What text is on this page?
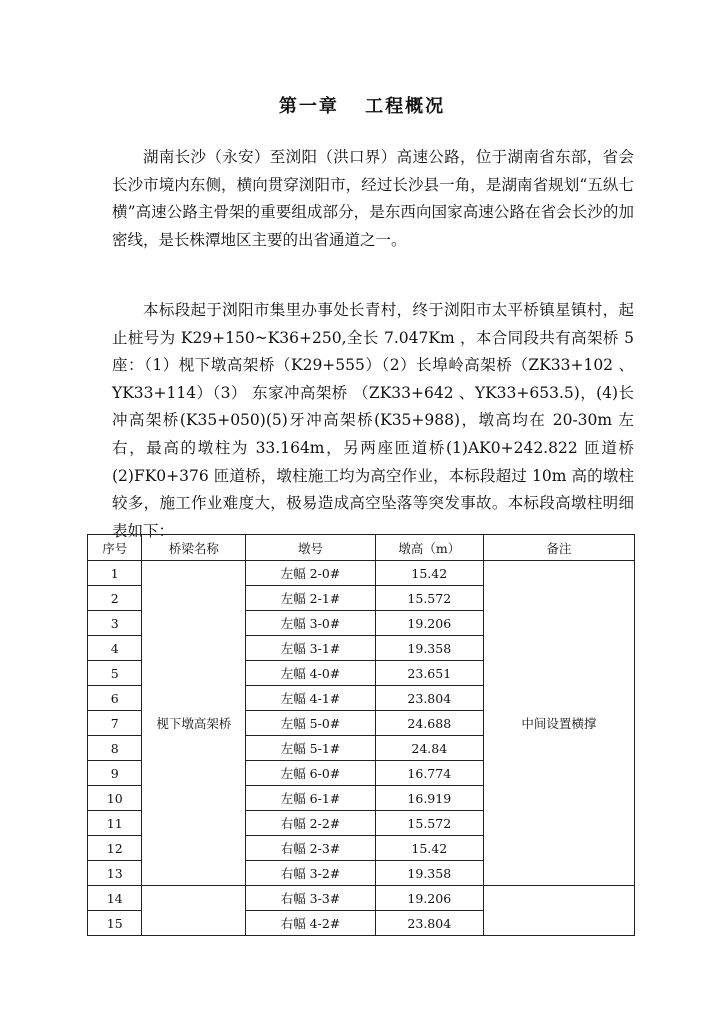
第一章 工程概况

湖南长沙（永安）至浏阳（洪口界）高速公路，位于湖南省东部，省会长沙市境内东侧，横向贯穿浏阳市，经过长沙县一角，是湖南省规划“五纵七横”高速公路主骨架的重要组成部分，是东西向国家高速公路在省会长沙的加密线，是长株潭地区主要的出省通道之一。

本标段起于浏阳市集里办事处长青村，终于浏阳市太平桥镇星镇村，起止桩号为 K29+150~K36+250,全长 7.047Km ，本合同段共有高架桥 5 座：（1）枧下墩高架桥（K29+555）（2）长埠岭高架桥（ZK33+102 、YK33+114）（3） 东家冲高架桥 （ZK33+642 、YK33+653.5)，(4)长冲高架桥(K35+050)(5)牙冲高架桥(K35+988)，墩高均在 20-30m 左右，最高的墩柱为 33.164m，另两座匝道桥(1)AK0+242.822 匝道桥(2)FK0+376 匝道桥，墩柱施工均为高空作业，本标段超过 10m 高的墩柱较多，施工作业难度大，极易造成高空坠落等突发事故。本标段高墩柱明细表如下：

序号	桥梁名称	墩号	墩高（m）	备注
1	枧下墩高架桥	左幅 2-0#	15.42	中间设置横撑
2		左幅 2-1#	15.572	
3		左幅 3-0#	19.206	
4		左幅 3-1#	19.358	
5		左幅 4-0#	23.651	
6		左幅 4-1#	23.804	
7		左幅 5-0#	24.688	
8		左幅 5-1#	24.84	
9		左幅 6-0#	16.774	
10		左幅 6-1#	16.919	
11		右幅 2-2#	15.572	
12		右幅 2-3#	15.42	
13		右幅 3-2#	19.358	
14		右幅 3-3#	19.206	
15		右幅 4-2#	23.804	
